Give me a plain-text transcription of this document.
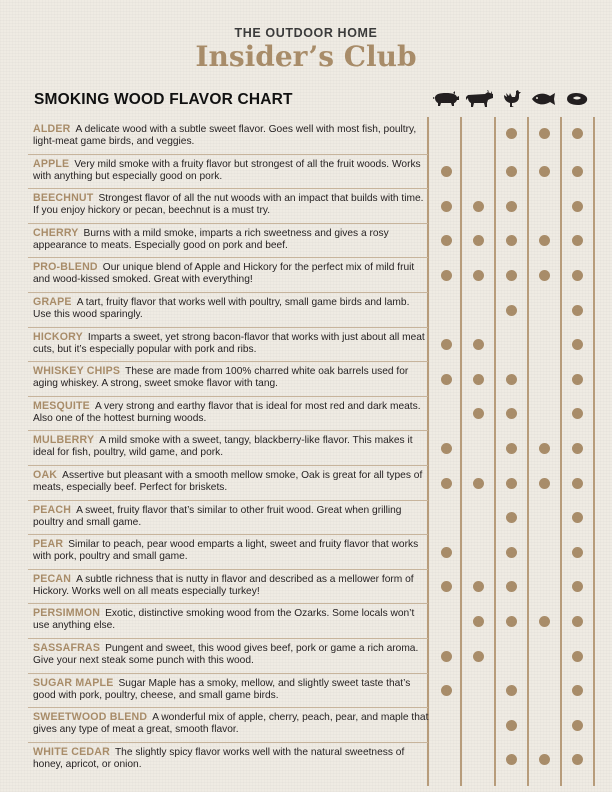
THE OUTDOOR HOME
Insider’s Club
SMOKING WOOD FLAVOR CHART
ALDER A delicate wood with a subtle sweet flavor. Goes well with most fish, poultry, light-meat game birds, and veggies.
APPLE Very mild smoke with a fruity flavor but strongest of all the fruit woods. Works with anything but especially good on pork.
BEECHNUT Strongest flavor of all the nut woods with an impact that builds with time. If you enjoy hickory or pecan, beechnut is a must try.
CHERRY Burns with a mild smoke, imparts a rich sweetness and gives a rosy appearance to meats. Especially good on pork and beef.
PRO-BLEND Our unique blend of Apple and Hickory for the perfect mix of mild fruit and wood-kissed smoked. Great with everything!
GRAPE A tart, fruity flavor that works well with poultry, small game birds and lamb. Use this wood sparingly.
HICKORY Imparts a sweet, yet strong bacon-flavor that works with just about all meat cuts, but it’s especially popular with pork and ribs.
WHISKEY CHIPS These are made from 100% charred white oak barrels used for aging whiskey. A strong, sweet smoke flavor with tang.
MESQUITE A very strong and earthy flavor that is ideal for most red and dark meats. Also one of the hottest burning woods.
MULBERRY A mild smoke with a sweet, tangy, blackberry-like flavor. This makes it ideal for fish, poultry, wild game, and pork.
OAK Assertive but pleasant with a smooth mellow smoke, Oak is great for all types of meats, especially beef. Perfect for briskets.
PEACH A sweet, fruity flavor that’s similar to other fruit wood. Great when grilling poultry and small game.
PEAR Similar to peach, pear wood emparts a light, sweet and fruity flavor that works with pork, poultry and small game.
PECAN A subtle richness that is nutty in flavor and described as a mellower form of Hickory. Works well on all meats especially turkey!
PERSIMMON Exotic, distinctive smoking wood from the Ozarks. Some locals won’t use anything else.
SASSAFRAS Pungent and sweet, this wood gives beef, pork or game a rich aroma. Give your next steak some punch with this wood.
SUGAR MAPLE Sugar Maple has a smoky, mellow, and slightly sweet taste that’s good with pork, poultry, cheese, and small game birds.
SWEETWOOD BLEND A wonderful mix of apple, cherry, peach, pear, and maple that gives any type of meat a great, smooth flavor.
WHITE CEDAR The slightly spicy flavor works well with the natural sweetness of honey, apricot, or onion.
